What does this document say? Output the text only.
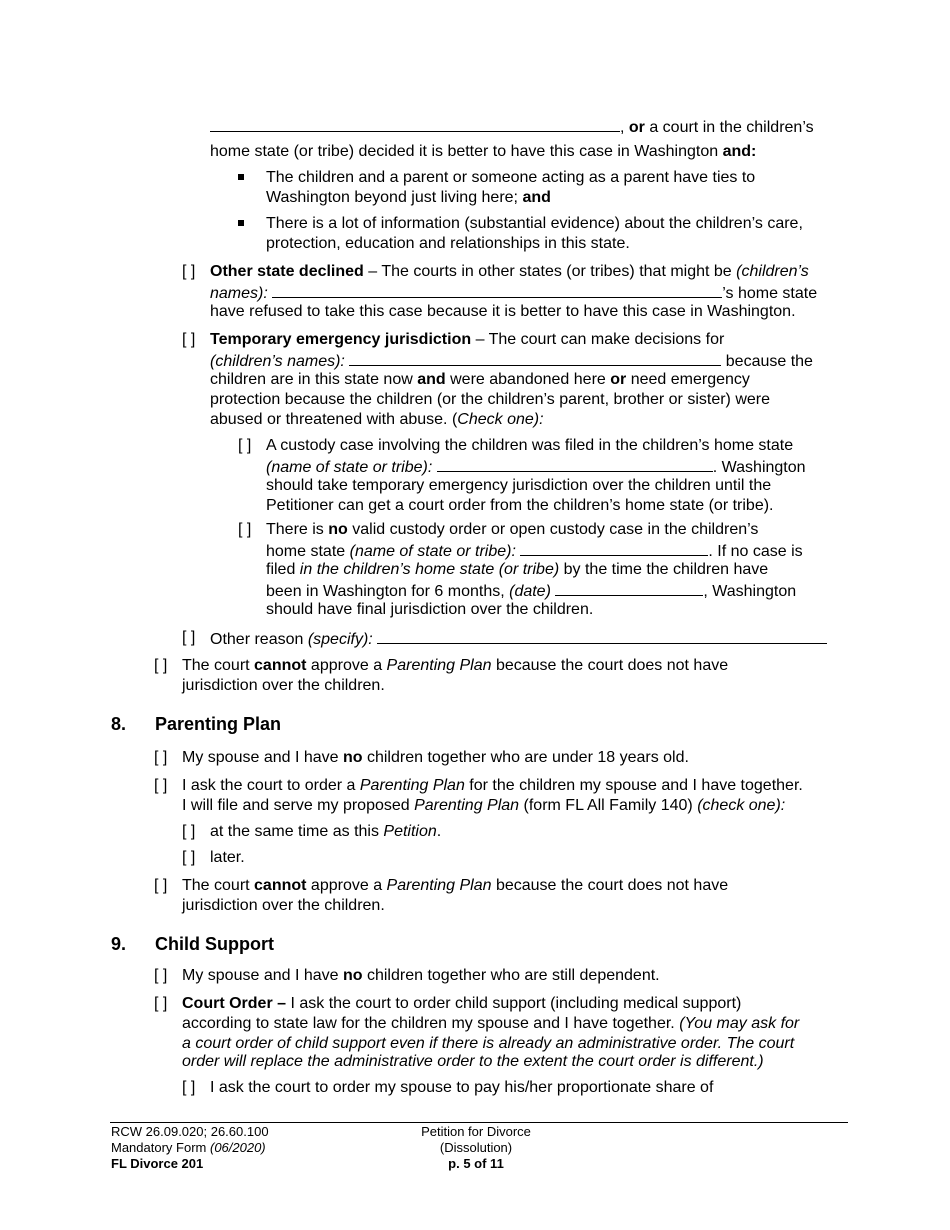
, or a court in the children’s
home state (or tribe) decided it is better to have this case in Washington and:
The children and a parent or someone acting as a parent have ties to
Washington beyond just living here; and
There is a lot of information (substantial evidence) about the children’s care,
protection, education and relationships in this state.
[ ] Other state declined – The courts in other states (or tribes) that might be (children’s
names):	’s home state
have refused to take this case because it is better to have this case in Washington.
[ ] Temporary emergency jurisdiction – The court can make decisions for
(children’s names):	because the
children are in this state now and were abandoned here or need emergency
protection because the children (or the children’s parent, brother or sister) were
abused or threatened with abuse. (Check one):
[ ] A custody case involving the children was filed in the children’s home state
(name of state or tribe):	. Washington
should take temporary emergency jurisdiction over the children until the
Petitioner can get a court order from the children’s home state (or tribe).
[ ] There is no valid custody order or open custody case in the children’s
home state (name of state or tribe):	. If no case is
filed in the children’s home state (or tribe) by the time the children have
been in Washington for 6 months, (date)	, Washington
should have final jurisdiction over the children.
[ ] Other reason (specify):
[ ] The court cannot approve a Parenting Plan because the court does not have
jurisdiction over the children.
8. Parenting Plan
[ ] My spouse and I have no children together who are under 18 years old.
[ ] I ask the court to order a Parenting Plan for the children my spouse and I have together.
I will file and serve my proposed Parenting Plan (form FL All Family 140) (check one):
[ ] at the same time as this Petition.
[ ] later.
[ ] The court cannot approve a Parenting Plan because the court does not have
jurisdiction over the children.
9. Child Support
[ ] My spouse and I have no children together who are still dependent.
[ ] Court Order – I ask the court to order child support (including medical support)
according to state law for the children my spouse and I have together. (You may ask for
a court order of child support even if there is already an administrative order. The court
order will replace the administrative order to the extent the court order is different.)
[ ] I ask the court to order my spouse to pay his/her proportionate share of
RCW 26.09.020; 26.60.100
Mandatory Form (06/2020)
FL Divorce 201
Petition for Divorce
(Dissolution)
p. 5 of 11
